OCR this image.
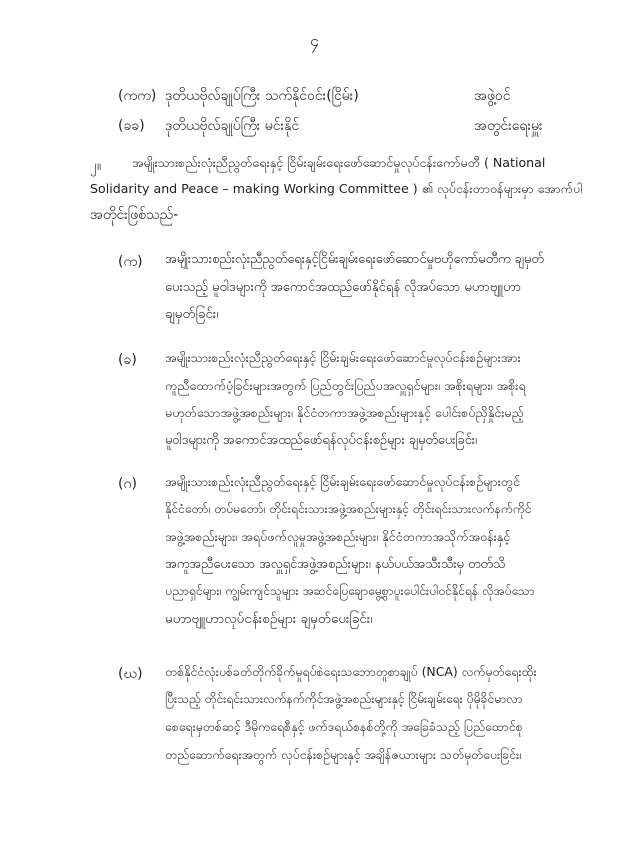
၄
(ကက) ဒုတိယဗိုလ်ချုပ်ကြီး သက်နိုင်ဝင်း(ငြိမ်း)	အဖွဲ့ဝင်
(ခခ) ဒုတိယဗိုလ်ချုပ်ကြီး မင်းနိုင်	အတွင်းရေးမှူး
၂။	အမျိုးသားစည်းလုံးညီညွတ်ရေးနှင့် ငြိမ်းချမ်းရေးဖော်ဆောင်မှုလုပ်ငန်းကော်မတီ ( National
Solidarity and Peace – making Working Committee ) ၏ လုပ်ငန်းတာဝန်များမှာ အောက်ပါ
အတိုင်းဖြစ်သည်-
(က) အမျိုးသားစည်းလုံးညီညွတ်ရေးနှင့်ငြိမ်းချမ်းရေးဖော်ဆောင်မှုဗဟိုကော်မတီက ချမှတ်
ပေးသည့် မူဝါဒများကို အကောင်အထည်ဖော်နိုင်ရန် လိုအပ်သော မဟာဗျူဟာ
ချမှတ်ခြင်း၊
(ခ) အမျိုးသားစည်းလုံးညီညွတ်ရေးနှင့် ငြိမ်းချမ်းရေးဖော်ဆောင်မှုလုပ်ငန်းစဉ်များအား
ကူညီထောက်ပံ့ခြင်းများအတွက် ပြည်တွင်းပြည်ပအလှူရှင်များ၊ အစိုးရများ၊ အစိုးရ
မဟုတ်သောအဖွဲ့အစည်းများ၊ နိုင်ငံတကာအဖွဲ့အစည်းများနှင့် ပေါင်းစပ်ညှိနှိုင်းမည့်
မူဝါဒများကို အကောင်အထည်ဖော်ရန်လုပ်ငန်းစဉ်များ ချမှတ်ပေးခြင်း၊
(ဂ) အမျိုးသားစည်းလုံးညီညွတ်ရေးနှင့် ငြိမ်းချမ်းရေးဖော်ဆောင်မှုလုပ်ငန်းစဉ်များတွင်
နိုင်ငံတော်၊ တပ်မတော်၊ တိုင်းရင်းသားအဖွဲ့အစည်းများနှင့် တိုင်းရင်းသားလက်နက်ကိုင်
အဖွဲ့အစည်းများ၊ အရပ်ဖက်လူမှုအဖွဲ့အစည်းများ၊ နိုင်ငံတကာအသိုက်အဝန်းနှင့်
အကူအညီပေးသော အလှူရှင်အဖွဲ့အစည်းများ၊ နယ်ပယ်အသီးသီးမှ တတ်သိ
ပညာရှင်များ၊ ကျွမ်းကျင်သူများ အဆင်ပြေချောမွေ့စွာပူးပေါင်းပါဝင်နိုင်ရန် လိုအပ်သော
မဟာဗျူဟာလုပ်ငန်းစဉ်များ ချမှတ်ပေးခြင်း၊
(ဃ) တစ်နိုင်ငံလုံးပစ်ခတ်တိုက်ခိုက်မှုရပ်စဲရေးသဘောတူစာချုပ် (NCA) လက်မှတ်ရေးထိုး
ပြီးသည့် တိုင်းရင်းသားလက်နက်ကိုင်အဖွဲ့အစည်းများနှင့် ငြိမ်းချမ်းရေး ပိုမိုခိုင်မာလာ
စေရေးမှတစ်ဆင့် ဒီမိုကရေစီနှင့် ဖက်ဒရယ်စနစ်တို့ကို အခြေခံသည့် ပြည်ထောင်စု
တည်ဆောက်ရေးအတွက် လုပ်ငန်းစဉ်များနှင့် အချိန်ဇယားများ သတ်မှတ်ပေးခြင်း၊
